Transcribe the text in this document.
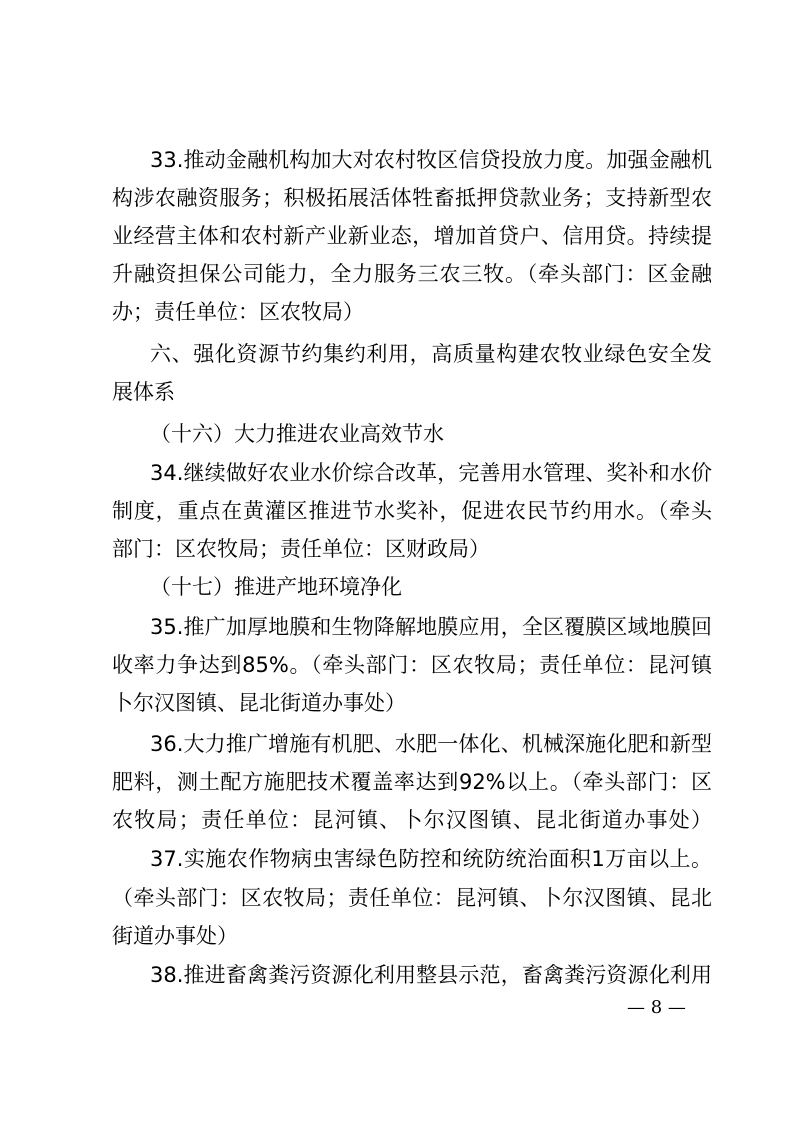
33.推动金融机构加大对农村牧区信贷投放力度。加强金融机
构涉农融资服务；积极拓展活体牲畜抵押贷款业务；支持新型农
业经营主体和农村新产业新业态，增加首贷户、信用贷。持续提
升融资担保公司能力，全力服务三农三牧。（牵头部门：区金融
办；责任单位：区农牧局）
六、强化资源节约集约利用，高质量构建农牧业绿色安全发
展体系
（十六）大力推进农业高效节水
34.继续做好农业水价综合改革，完善用水管理、奖补和水价
制度，重点在黄灌区推进节水奖补，促进农民节约用水。（牵头
部门：区农牧局；责任单位：区财政局）
（十七）推进产地环境净化
35.推广加厚地膜和生物降解地膜应用，全区覆膜区域地膜回
收率力争达到85%。（牵头部门：区农牧局；责任单位：昆河镇
卜尔汉图镇、昆北街道办事处）
36.大力推广增施有机肥、水肥一体化、机械深施化肥和新型
肥料，测土配方施肥技术覆盖率达到92%以上。（牵头部门：区
农牧局；责任单位：昆河镇、卜尔汉图镇、昆北街道办事处）
37.实施农作物病虫害绿色防控和统防统治面积1万亩以上。
（牵头部门：区农牧局；责任单位：昆河镇、卜尔汉图镇、昆北
街道办事处）
38.推进畜禽粪污资源化利用整县示范，畜禽粪污资源化利用
— 8 —
